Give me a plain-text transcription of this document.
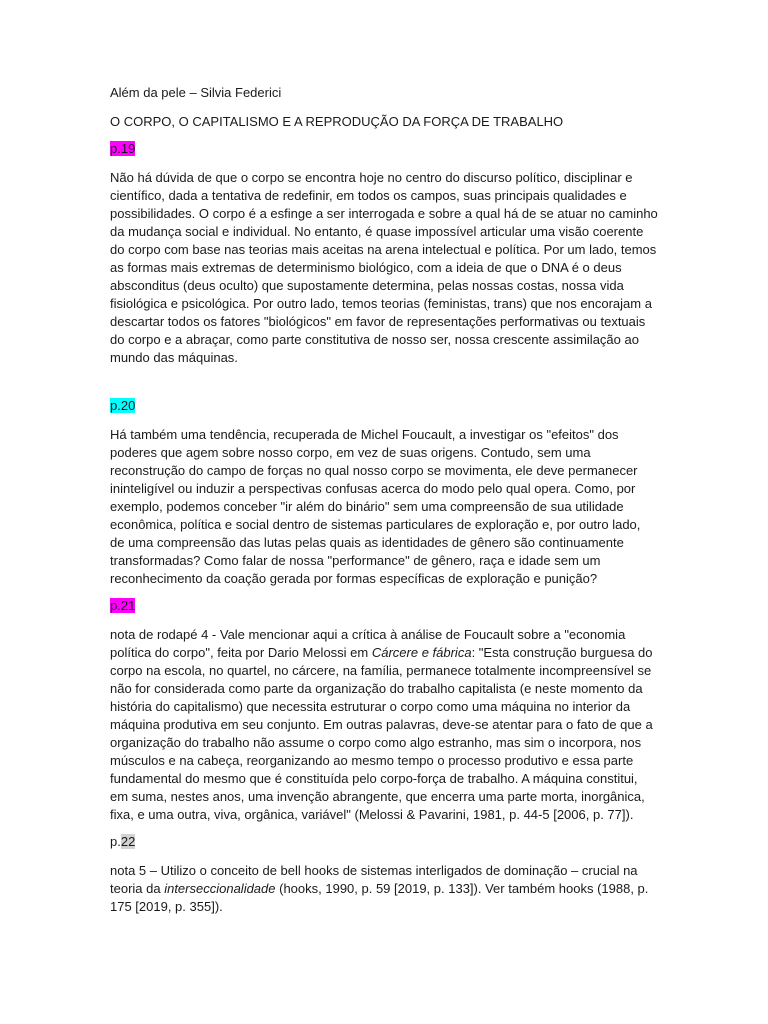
Além da pele – Silvia Federici

O CORPO, O CAPITALISMO E A REPRODUÇÃO DA FORÇA DE TRABALHO

p.19

Não há dúvida de que o corpo se encontra hoje no centro do discurso político, disciplinar e científico, dada a tentativa de redefinir, em todos os campos, suas principais qualidades e possibilidades. O corpo é a esfinge a ser interrogada e sobre a qual há de se atuar no caminho da mudança social e individual. No entanto, é quase impossível articular uma visão coerente do corpo com base nas teorias mais aceitas na arena intelectual e política. Por um lado, temos as formas mais extremas de determinismo biológico, com a ideia de que o DNA é o deus absconditus (deus oculto) que supostamente determina, pelas nossas costas, nossa vida fisiológica e psicológica. Por outro lado, temos teorias (feministas, trans) que nos encorajam a descartar todos os fatores "biológicos" em favor de representações performativas ou textuais do corpo e a abraçar, como parte constitutiva de nosso ser, nossa crescente assimilação ao mundo das máquinas.

p.20

Há também uma tendência, recuperada de Michel Foucault, a investigar os "efeitos" dos poderes que agem sobre nosso corpo, em vez de suas origens. Contudo, sem uma reconstrução do campo de forças no qual nosso corpo se movimenta, ele deve permanecer ininteligível ou induzir a perspectivas confusas acerca do modo pelo qual opera. Como, por exemplo, podemos conceber "ir além do binário" sem uma compreensão de sua utilidade econômica, política e social dentro de sistemas particulares de exploração e, por outro lado, de uma compreensão das lutas pelas quais as identidades de gênero são continuamente transformadas? Como falar de nossa "performance" de gênero, raça e idade sem um reconhecimento da coação gerada por formas específicas de exploração e punição?

p.21

nota de rodapé 4 - Vale mencionar aqui a crítica à análise de Foucault sobre a "economia política do corpo", feita por Dario Melossi em Cárcere e fábrica: "Esta construção burguesa do corpo na escola, no quartel, no cárcere, na família, permanece totalmente incompreensível se não for considerada como parte da organização do trabalho capitalista (e neste momento da história do capitalismo) que necessita estruturar o corpo como uma máquina no interior da máquina produtiva em seu conjunto. Em outras palavras, deve-se atentar para o fato de que a organização do trabalho não assume o corpo como algo estranho, mas sim o incorpora, nos músculos e na cabeça, reorganizando ao mesmo tempo o processo produtivo e essa parte fundamental do mesmo que é constituída pelo corpo-força de trabalho. A máquina constitui, em suma, nestes anos, uma invenção abrangente, que encerra uma parte morta, inorgânica, fixa, e uma outra, viva, orgânica, variável" (Melossi & Pavarini, 1981, p. 44-5 [2006, p. 77]).

p.22

nota 5 – Utilizo o conceito de bell hooks de sistemas interligados de dominação – crucial na teoria da interseccionalidade (hooks, 1990, p. 59 [2019, p. 133]). Ver também hooks (1988, p. 175 [2019, p. 355]).
